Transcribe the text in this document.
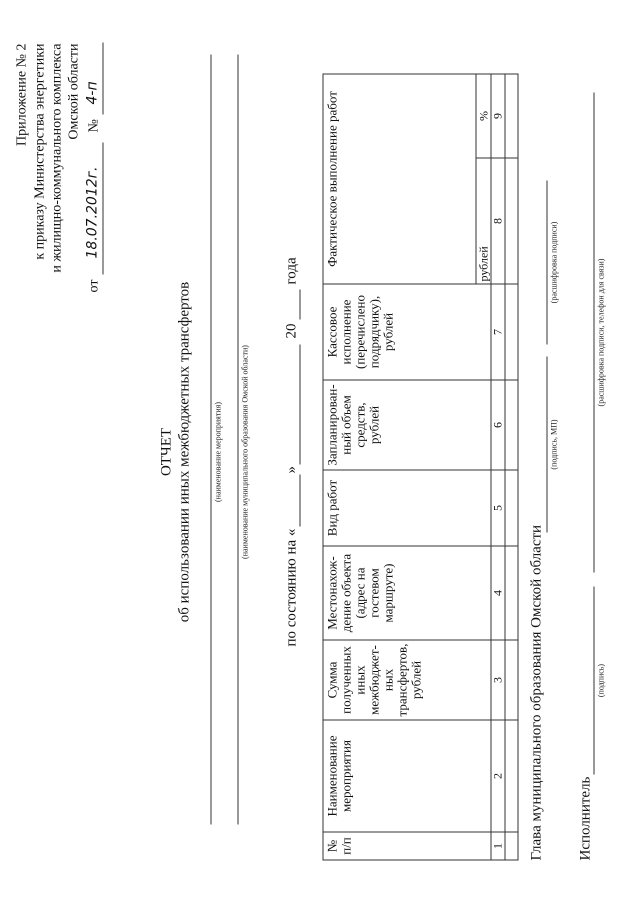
Приложение № 2 к приказу Министерства энергетики и жилищно-коммунального комплекса Омской области
от
18.07.2012г.
№
4-п
ОТЧЕТ об использовании иных межбюджетных трансфертов	(наименование мероприятия) (наименование муниципального образования Омской области)
по состоянию на «
»
20
года
№ п/п	Наименование мероприятия	Сумма полученных иных межбюджет-ных трансфертов, рублей	Местонахож-дение объекта (адрес на гостевом маршруте)	Вид работ	Запланирован-ный объем средств, рублей	Кассовое исполнение (перечислено подрядчику), рублей	Фактическое выполнение работ	
							рублей	%
1	2	3	4	5	6	7	8	9

Глава муниципального образования Омской области
(подпись, МП)
(расшифровка подписи)
Исполнитель
(подпись)
(расшифровка подписи, телефон для связи)
